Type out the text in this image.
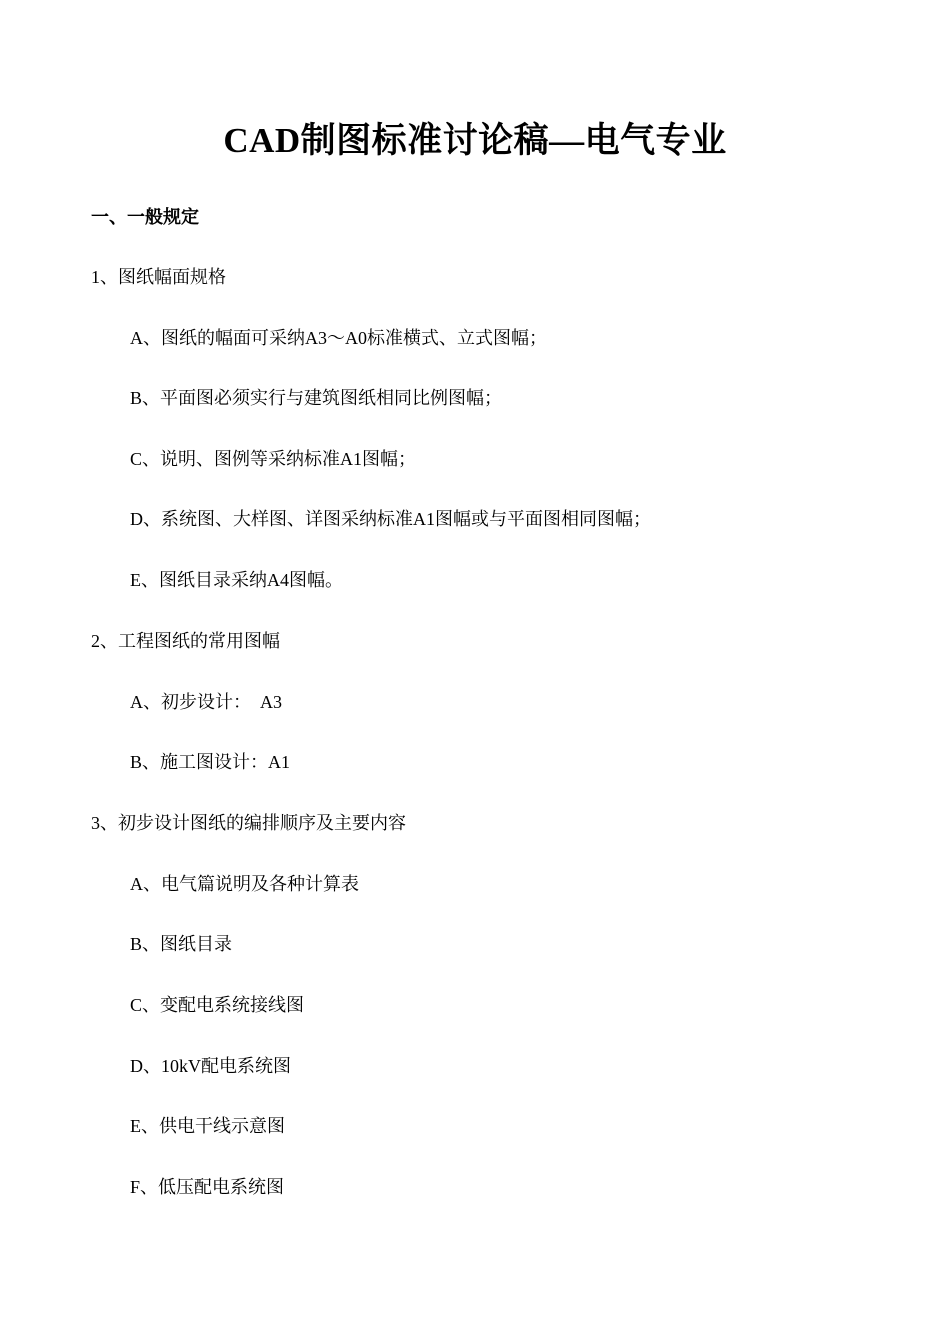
CAD制图标准讨论稿—电气专业

一、一般规定

1、图纸幅面规格

A、图纸的幅面可采纳A3～A0标准横式、立式图幅；

B、平面图必须实行与建筑图纸相同比例图幅；

C、说明、图例等采纳标准A1图幅；

D、系统图、大样图、详图采纳标准A1图幅或与平面图相同图幅；

E、图纸目录采纳A4图幅。

2、工程图纸的常用图幅

A、初步设计：  A3

B、施工图设计：A1

3、初步设计图纸的编排顺序及主要内容

A、电气篇说明及各种计算表

B、图纸目录

C、变配电系统接线图

D、10kV配电系统图

E、供电干线示意图

F、低压配电系统图
